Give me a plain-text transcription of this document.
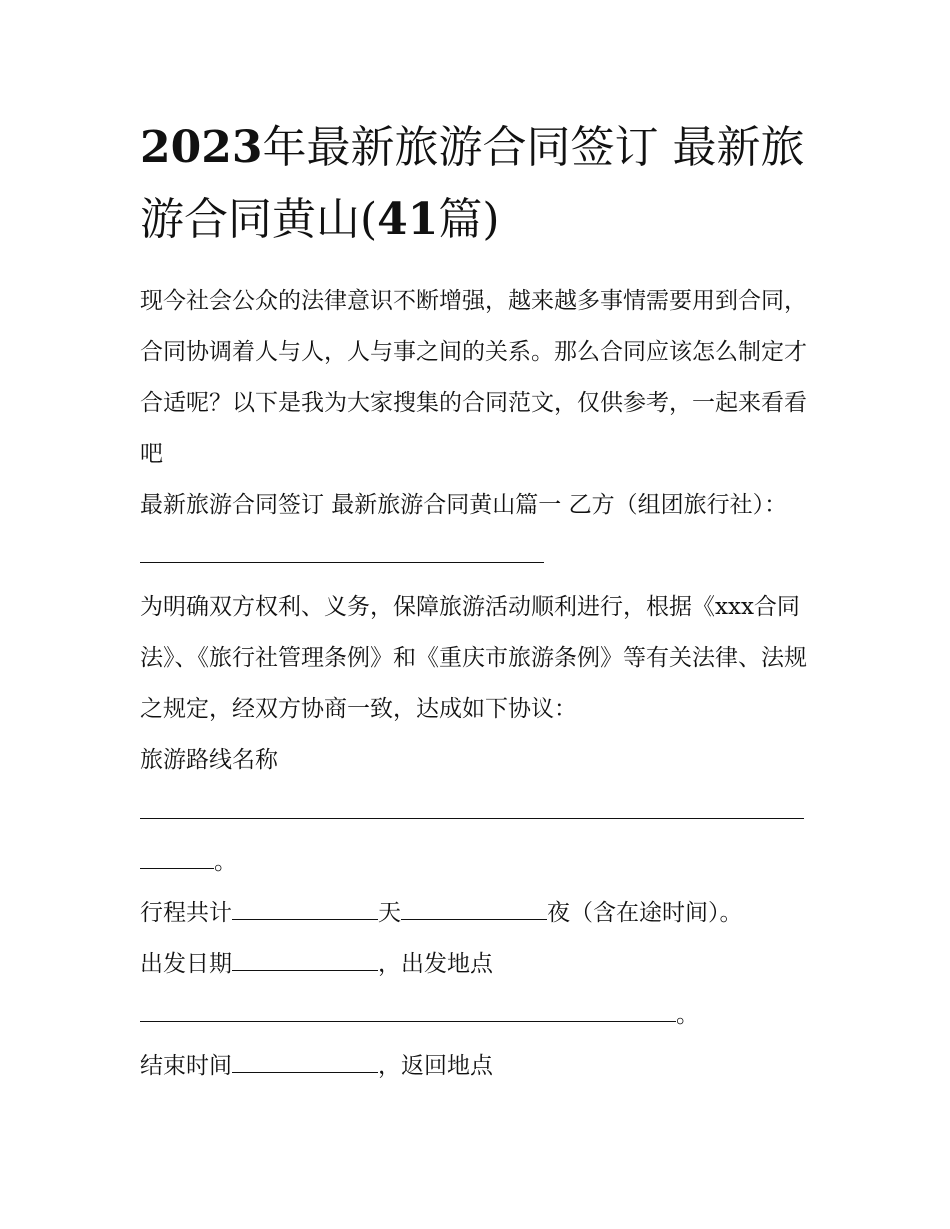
2023年最新旅游合同签订 最新旅游合同黄山(41篇)

现今社会公众的法律意识不断增强，越来越多事情需要用到合同，合同协调着人与人，人与事之间的关系。那么合同应该怎么制定才合适呢？以下是我为大家搜集的合同范文，仅供参考，一起来看看吧

最新旅游合同签订 最新旅游合同黄山篇一 乙方（组团旅行社）：

为明确双方权利、义务，保障旅游活动顺利进行，根据《xxx合同法》、《旅行社管理条例》和《重庆市旅游条例》等有关法律、法规之规定，经双方协商一致，达成如下协议：

旅游路线名称

。

行程共计	天	夜（含在途时间）。

出发日期	，出发地点

。

结束时间	，返回地点
